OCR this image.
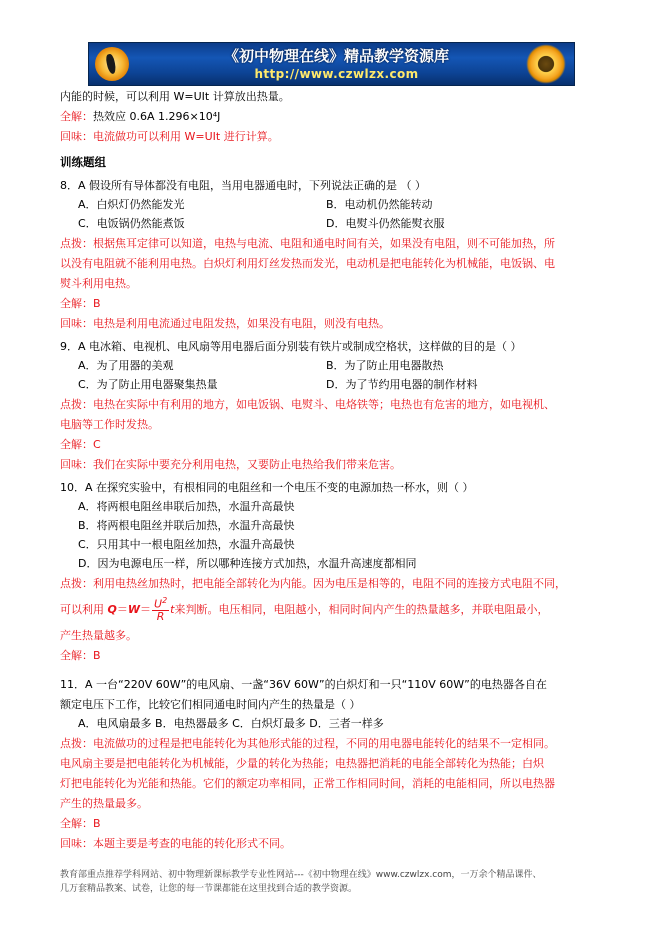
《初中物理在线》精品教学资源库
http://www.czwlzx.com

内能的时候，可以利用 W=UIt 计算放出热量。

全解：热效应 0.6A 1.296×10⁴J

回味：电流做功可以利用 W=UIt 进行计算。

训练题组

8．A 假设所有导体都没有电阻，当用电器通电时，下列说法正确的是 （ ）

A．白炽灯仍然能发光	B．电动机仍然能转动

C．电饭锅仍然能煮饭	D．电熨斗仍然能熨衣服

点拨：根据焦耳定律可以知道，电热与电流、电阻和通电时间有关，如果没有电阻，则不可能加热，所

以没有电阻就不能利用电热。白炽灯利用灯丝发热而发光，电动机是把电能转化为机械能，电饭锅、电

熨斗利用电热。

全解：B

回味：电热是利用电流通过电阻发热，如果没有电阻，则没有电热。

9．A 电冰箱、电视机、电风扇等用电器后面分别装有铁片或制成空格状，这样做的目的是（ ）

A．为了用器的美观	B．为了防止用电器散热

C．为了防止用电器聚集热量	D．为了节约用电器的制作材料

点拨：电热在实际中有利用的地方，如电饭锅、电熨斗、电烙铁等；电热也有危害的地方，如电视机、

电脑等工作时发热。

全解：C

回味：我们在实际中要充分利用电热，又要防止电热给我们带来危害。

10．A 在探究实验中，有根相同的电阻丝和一个电压不变的电源加热一杯水，则（ ）

A．将两根电阻丝串联后加热，水温升高最快

B．将两根电阻丝并联后加热，水温升高最快

C．只用其中一根电阻丝加热，水温升高最快

D．因为电源电压一样，所以哪种连接方式加热，水温升高速度都相同

点拨：利用电热丝加热时，把电能全部转化为内能。因为电压是相等的，电阻不同的连接方式电阻不同，

可以利用 $Q=W= \frac{U^2}{R}$ t来判断。电压相同，电阻越小，相同时间内产生的热量越多，并联电阻最小，

产生热量越多。

全解：B

11．A 一台“220V 60W”的电风扇、一盏“36V 60W”的白炽灯和一只“110V 60W”的电热器各自在

额定电压下工作，比较它们相同通电时间内产生的热量是（ ）

A．电风扇最多 B．电热器最多 C．白炽灯最多 D．三者一样多

点拨：电流做功的过程是把电能转化为其他形式能的过程，不同的用电器电能转化的结果不一定相同。

电风扇主要是把电能转化为机械能，少量的转化为热能；电热器把消耗的电能全部转化为热能；白炽

灯把电能转化为光能和热能。它们的额定功率相同，正常工作相同时间，消耗的电能相同，所以电热器

产生的热量最多。

全解：B

回味：本题主要是考查的电能的转化形式不同。

教育部重点推荐学科网站、初中物理新课标教学专业性网站---《初中物理在线》www.czwlzx.com，一万余个精品课件、
几万套精品教案、试卷，让您的每一节课都能在这里找到合适的教学资源。
